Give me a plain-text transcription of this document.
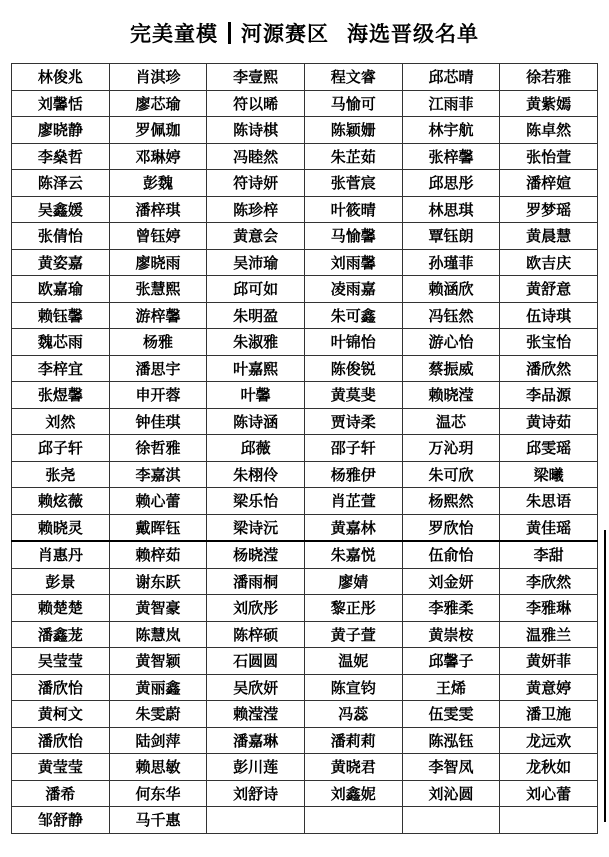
完美童模 河源赛区 海选晋级名单
林俊兆	肖淇珍	李壹熙	程文睿	邱芯晴	徐若雅
刘馨恬	廖芯瑜	符以晞	马愉可	江雨菲	黄紫嫣
廖晓静	罗佩珈	陈诗棋	陈颖姗	林宇航	陈卓然
李燊哲	邓琳婷	冯睦然	朱芷茹	张梓馨	张怡萱
陈泽云	彭魏	符诗妍	张菅宸	邱思彤	潘梓媗
吴鑫媛	潘梓琪	陈珍梓	叶筱晴	林思琪	罗梦瑶
张倩怡	曾钰婷	黄意会	马愉馨	覃钰朗	黄晨慧
黄姿嘉	廖晓雨	吴沛瑜	刘雨馨	孙瑾菲	欧吉庆
欧嘉瑜	张慧熙	邱可如	凌雨嘉	赖涵欣	黄舒意
赖钰馨	游梓馨	朱明盈	朱可鑫	冯钰然	伍诗琪
魏芯雨	杨雅	朱淑雅	叶锦怡	游心怡	张宝怡
李梓宜	潘思宇	叶嘉熙	陈俊锐	蔡振威	潘欣然
张煜馨	申开蓉	叶馨	黄莫斐	赖晓滢	李品源
刘然	钟佳琪	陈诗涵	贾诗柔	温芯	黄诗茹
邱子轩	徐哲雅	邱薇	邵子轩	万沁玥	邱雯瑶
张尧	李嘉淇	朱栩伶	杨雅伊	朱可欣	梁曦
赖炫薇	赖心蕾	梁乐怡	肖芷萱	杨熙然	朱思语
赖晓灵	戴晖钰	梁诗沅	黄嘉林	罗欣怡	黄佳瑶
肖惠丹	赖梓茹	杨晓滢	朱嘉悦	伍俞怡	李甜
彭景	谢东跃	潘雨桐	廖婧	刘金妍	李欣然
赖楚楚	黄智豪	刘欣彤	黎正彤	李雅柔	李雅琳
潘鑫茏	陈慧岚	陈梓硕	黄子萱	黄崇桉	温雅兰
吴莹莹	黄智颖	石圆圆	温妮	邱馨子	黄妍菲
潘欣怡	黄丽鑫	吴欣妍	陈宣钧	王烯	黄意婷
黄柯文	朱雯蔚	赖滢滢	冯蕊	伍雯雯	潘卫施
潘欣怡	陆剑萍	潘嘉琳	潘莉莉	陈泓钰	龙远欢
黄莹莹	赖思敏	彭川莲	黄晓君	李智凤	龙秋如
潘希	何东华	刘舒诗	刘鑫妮	刘沁圆	刘心蕾
邹舒静	马千惠				
